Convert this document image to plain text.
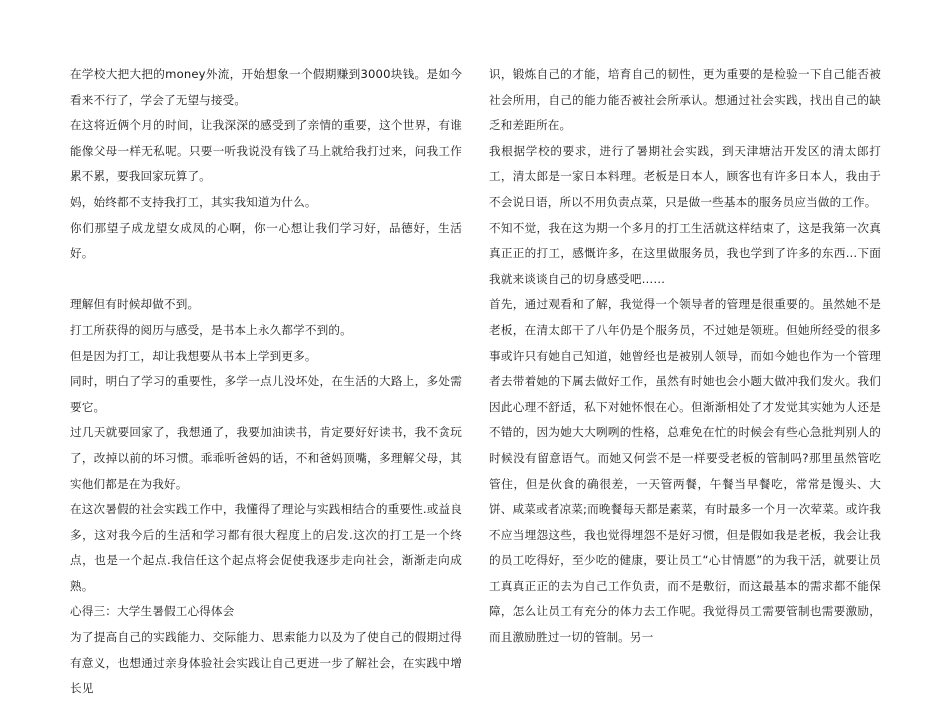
在学校大把大把的money外流，开始想象一个假期赚到3000块钱。是如今看来不行了，学会了无望与接受。

在这将近俩个月的时间，让我深深的感受到了亲情的重要，这个世界，有谁能像父母一样无私呢。只要一听我说没有钱了马上就给我打过来，问我工作累不累，要我回家玩算了。

妈，始终都不支持我打工，其实我知道为什么。

你们那望子成龙望女成凤的心啊，你一心想让我们学习好，品德好，生活好。

理解但有时候却做不到。

打工所获得的阅历与感受，是书本上永久都学不到的。

但是因为打工，却让我想要从书本上学到更多。

同时，明白了学习的重要性，多学一点儿没坏处，在生活的大路上，多处需要它。

过几天就要回家了，我想通了，我要加油读书，肯定要好好读书，我不贪玩了，改掉以前的坏习惯。乖乖听爸妈的话，不和爸妈顶嘴，多理解父母，其实他们都是在为我好。

在这次暑假的社会实践工作中，我懂得了理论与实践相结合的重要性.或益良多，这对我今后的生活和学习都有很大程度上的启发.这次的打工是一个终点，也是一个起点.我信任这个起点将会促使我逐步走向社会，渐渐走向成熟。

心得三：大学生暑假工心得体会

为了提高自己的实践能力、交际能力、思索能力以及为了使自己的假期过得有意义，也想通过亲身体验社会实践让自己更进一步了解社会，在实践中增长见

识，锻炼自己的才能，培育自己的韧性，更为重要的是检验一下自己能否被社会所用，自己的能力能否被社会所承认。想通过社会实践，找出自己的缺乏和差距所在。

我根据学校的要求，进行了暑期社会实践，到天津塘沽开发区的清太郎打工，清太郎是一家日本料理。老板是日本人，顾客也有许多日本人，我由于不会说日语，所以不用负责点菜，只是做一些基本的服务员应当做的工作。

不知不觉，我在这为期一个多月的打工生活就这样结束了，这是我第一次真真正正的打工，感慨许多，在这里做服务员，我也学到了许多的东西...下面我就来谈谈自己的切身感受吧……

首先，通过观看和了解，我觉得一个领导者的管理是很重要的。虽然她不是老板，在清太郎干了八年仍是个服务员，不过她是领班。但她所经受的很多事或许只有她自己知道，她曾经也是被别人领导，而如今她也作为一个管理者去带着她的下属去做好工作，虽然有时她也会小题大做冲我们发火。我们因此心理不舒适，私下对她怀恨在心。但渐渐相处了才发觉其实她为人还是不错的，因为她大大咧咧的性格，总难免在忙的时候会有些心急批判别人的时候没有留意语气。而她又何尝不是一样要受老板的管制吗?那里虽然管吃管住，但是伙食的确很差，一天管两餐，午餐当早餐吃，常常是馒头、大饼、咸菜或者凉菜;而晚餐每天都是素菜，有时最多一个月一次荤菜。或许我不应当埋怨这些，我也觉得埋怨不是好习惯，但是假如我是老板，我会让我的员工吃得好，至少吃的健康，要让员工“心甘情愿”的为我干活，就要让员工真真正正的去为自己工作负责，而不是敷衍，而这最基本的需求都不能保障，怎么让员工有充分的体力去工作呢。我觉得员工需要管制也需要激励，而且激励胜过一切的管制。另一
